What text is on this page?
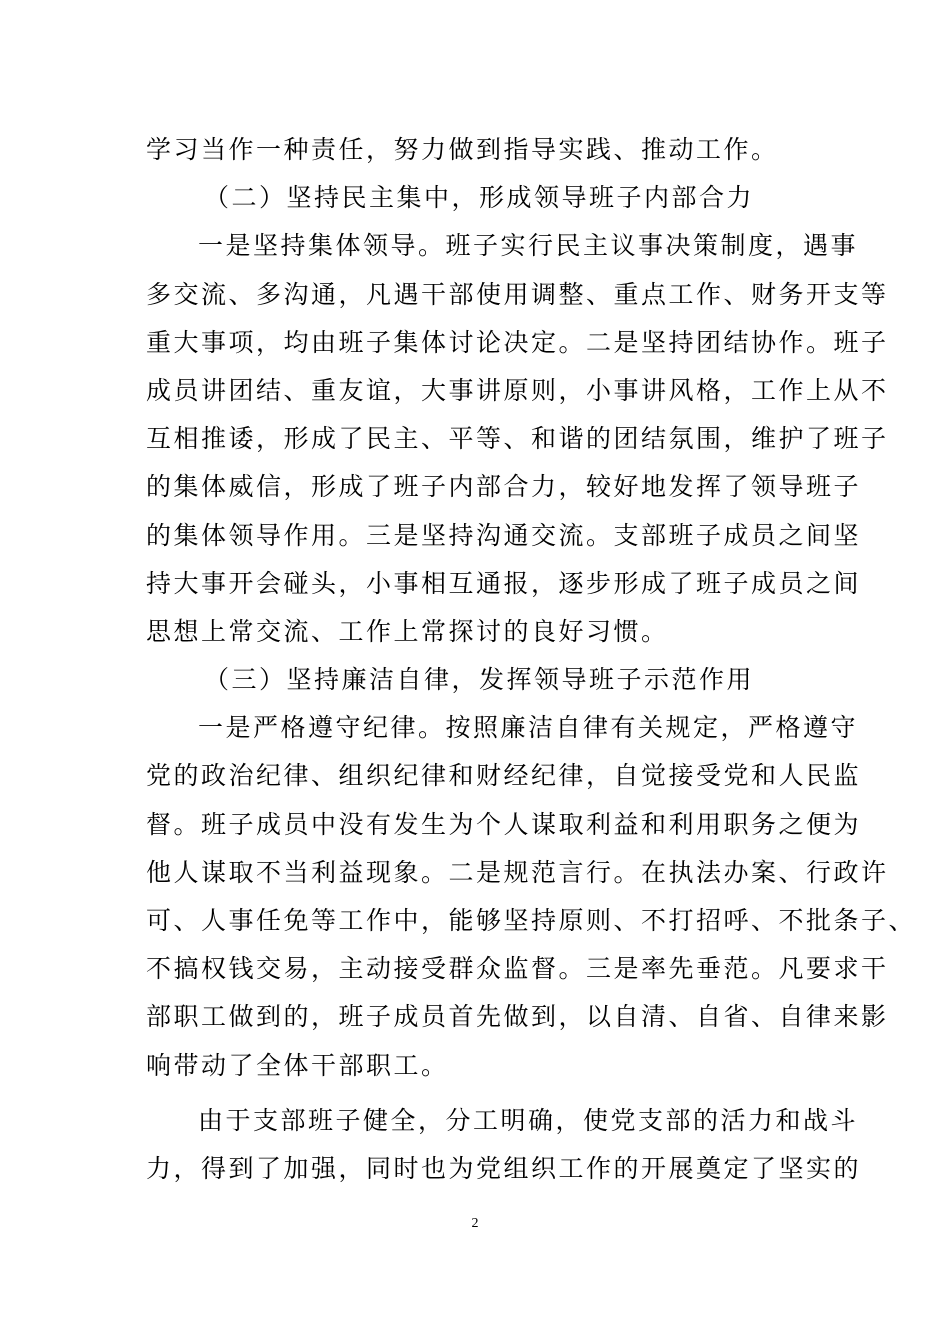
学习当作一种责任，努力做到指导实践、推动工作。
（二）坚持民主集中，形成领导班子内部合力
一是坚持集体领导。班子实行民主议事决策制度，遇事
多交流、多沟通，凡遇干部使用调整、重点工作、财务开支等
重大事项，均由班子集体讨论决定。二是坚持团结协作。班子
成员讲团结、重友谊，大事讲原则，小事讲风格，工作上从不
互相推诿，形成了民主、平等、和谐的团结氛围，维护了班子
的集体威信，形成了班子内部合力，较好地发挥了领导班子
的集体领导作用。三是坚持沟通交流。支部班子成员之间坚
持大事开会碰头，小事相互通报，逐步形成了班子成员之间
思想上常交流、工作上常探讨的良好习惯。
（三）坚持廉洁自律，发挥领导班子示范作用
一是严格遵守纪律。按照廉洁自律有关规定，严格遵守
党的政治纪律、组织纪律和财经纪律，自觉接受党和人民监
督。班子成员中没有发生为个人谋取利益和利用职务之便为
他人谋取不当利益现象。二是规范言行。在执法办案、行政许
可、人事任免等工作中，能够坚持原则、不打招呼、不批条子、
不搞权钱交易，主动接受群众监督。三是率先垂范。凡要求干
部职工做到的，班子成员首先做到，以自清、自省、自律来影
响带动了全体干部职工。
由于支部班子健全，分工明确，使党支部的活力和战斗
力，得到了加强，同时也为党组织工作的开展奠定了坚实的
2
